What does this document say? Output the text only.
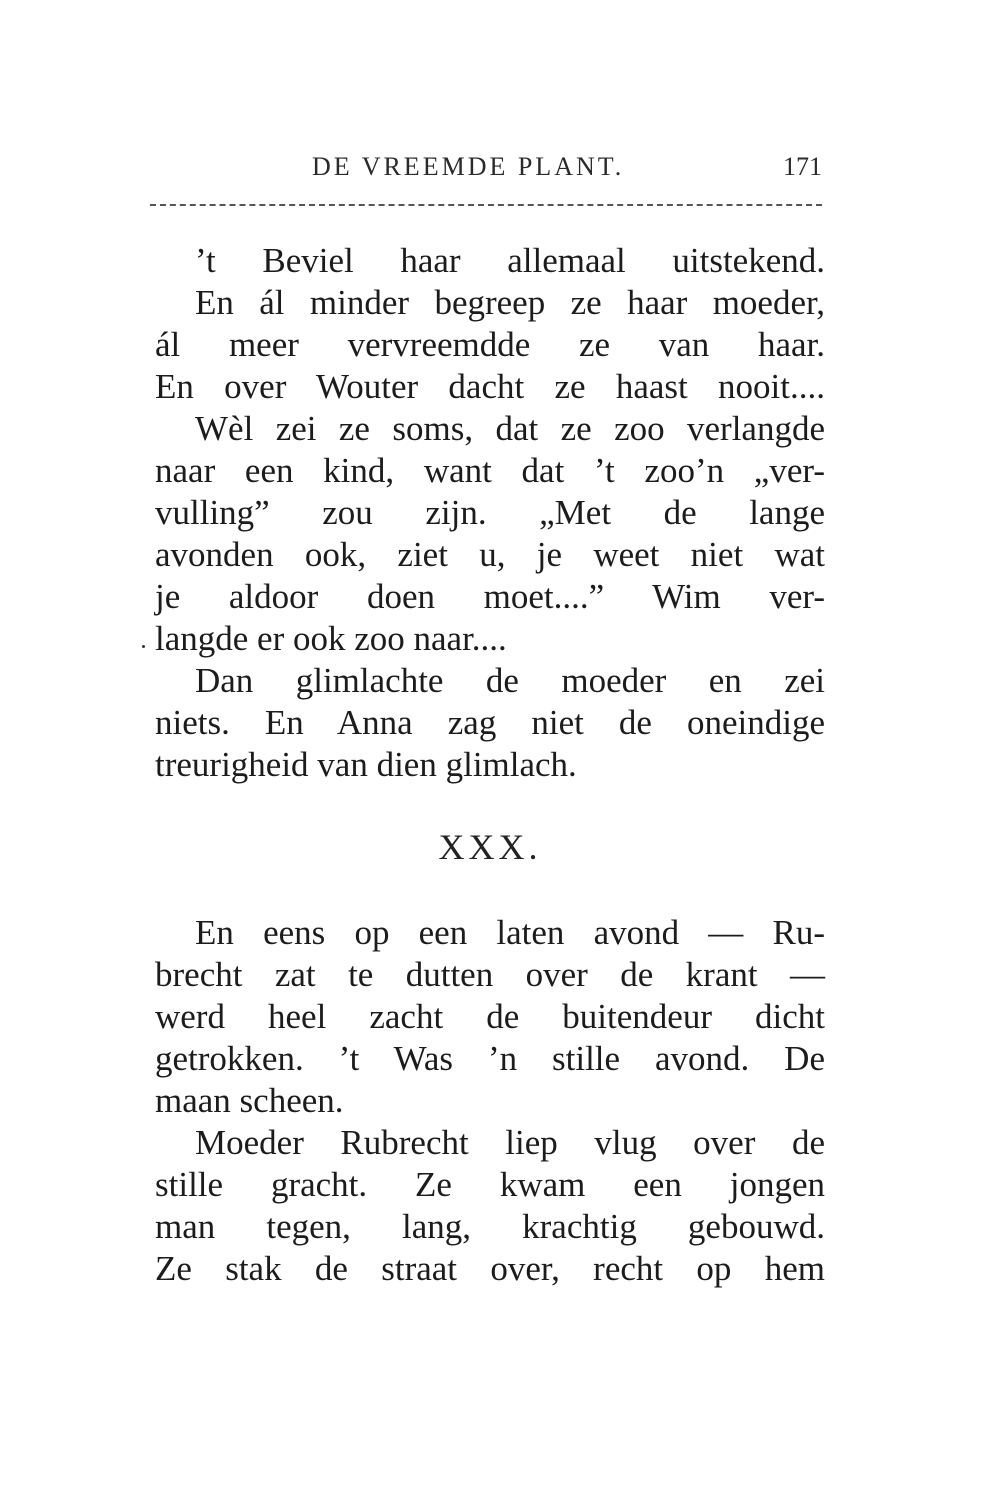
DE VREEMDE PLANT.	171
’t Beviel haar allemaal uitstekend.
En ál minder begreep ze haar moeder,
ál meer vervreemdde ze van haar.
En over Wouter dacht ze haast nooit....
Wèl zei ze soms, dat ze zoo verlangde
naar een kind, want dat ’t zoo’n „ver-
vulling” zou zijn. „Met de lange
avonden ook, ziet u, je weet niet wat
je aldoor doen moet....” Wim ver-
langde er ook zoo naar....
Dan glimlachte de moeder en zei
niets. En Anna zag niet de oneindige
treurigheid van dien glimlach.
XXX.
En eens op een laten avond — Ru-
brecht zat te dutten over de krant —
werd heel zacht de buitendeur dicht
getrokken. ’t Was ’n stille avond. De
maan scheen.
Moeder Rubrecht liep vlug over de
stille gracht. Ze kwam een jongen
man tegen, lang, krachtig gebouwd.
Ze stak de straat over, recht op hem
